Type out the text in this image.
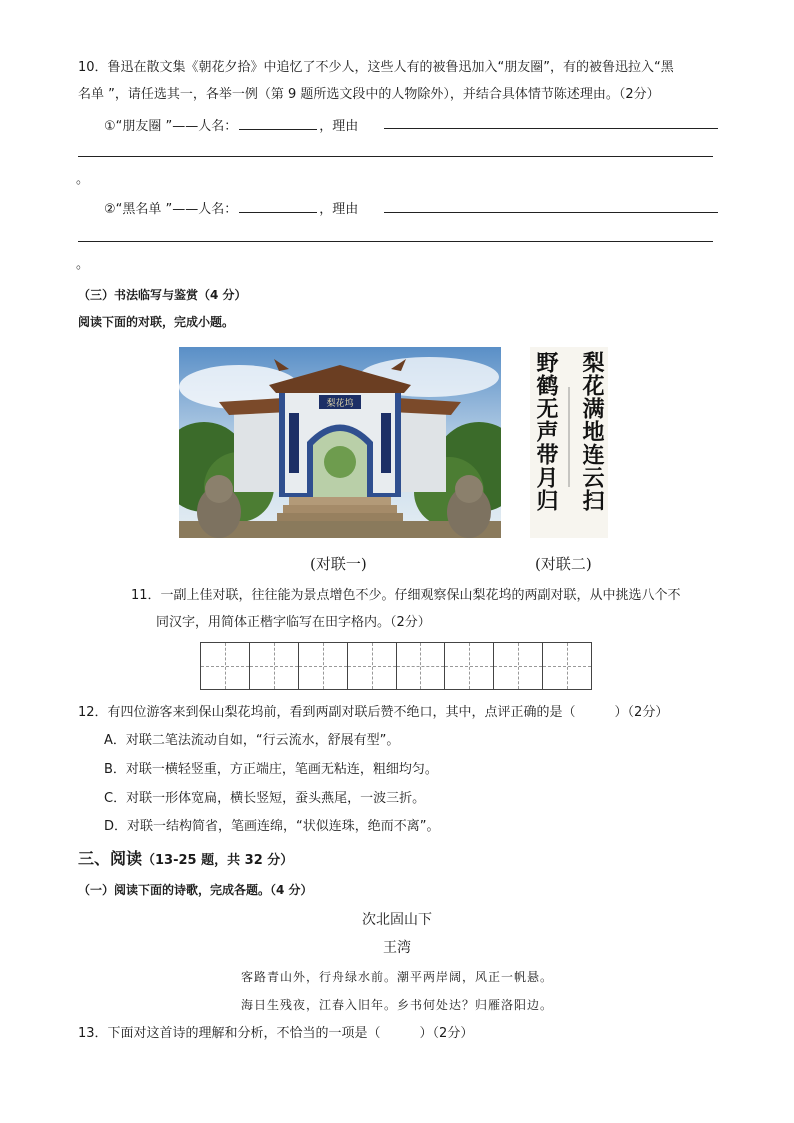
10．鲁迅在散文集《朝花夕拾》中追忆了不少人，这些人有的被鲁迅加入“朋友圈”，有的被鲁迅拉入“黑
名单 ”，请任选其一，各举一例（第 9 题所选文段中的人物除外），并结合具体情节陈述理由。（2分）
①“朋友圈 ”——人名：	，理由
。
②“黑名单 ”——人名：	，理由
。
（三）书法临写与鉴赏（4 分）
阅读下面的对联，完成小题。
梨花坞	梨花满地连云扫
野鹤无声带月归
(对联一)	(对联二)
11．一副上佳对联，往往能为景点增色不少。仔细观察保山梨花坞的两副对联，从中挑选八个不
同汉字，用简体正楷字临写在田字格内。（2分）
12．有四位游客来到保山梨花坞前，看到两副对联后赞不绝口，其中，点评正确的是（　　　）（2分）
A．对联二笔法流动自如，“行云流水，舒展有型”。
B．对联一横轻竖重，方正端庄，笔画无粘连，粗细均匀。
C．对联一形体宽扁，横长竖短，蚕头燕尾，一波三折。
D．对联一结构简省，笔画连绵，“状似连珠，绝而不离”。
三、阅读（13-25 题，共 32 分）
（一）阅读下面的诗歌，完成各题。（4 分）
次北固山下
王湾
客路青山外，行舟绿水前。潮平两岸阔，风正一帆悬。
海日生残夜，江春入旧年。乡书何处达？归雁洛阳边。
13．下面对这首诗的理解和分析，不恰当的一项是（　　　）（2分）
